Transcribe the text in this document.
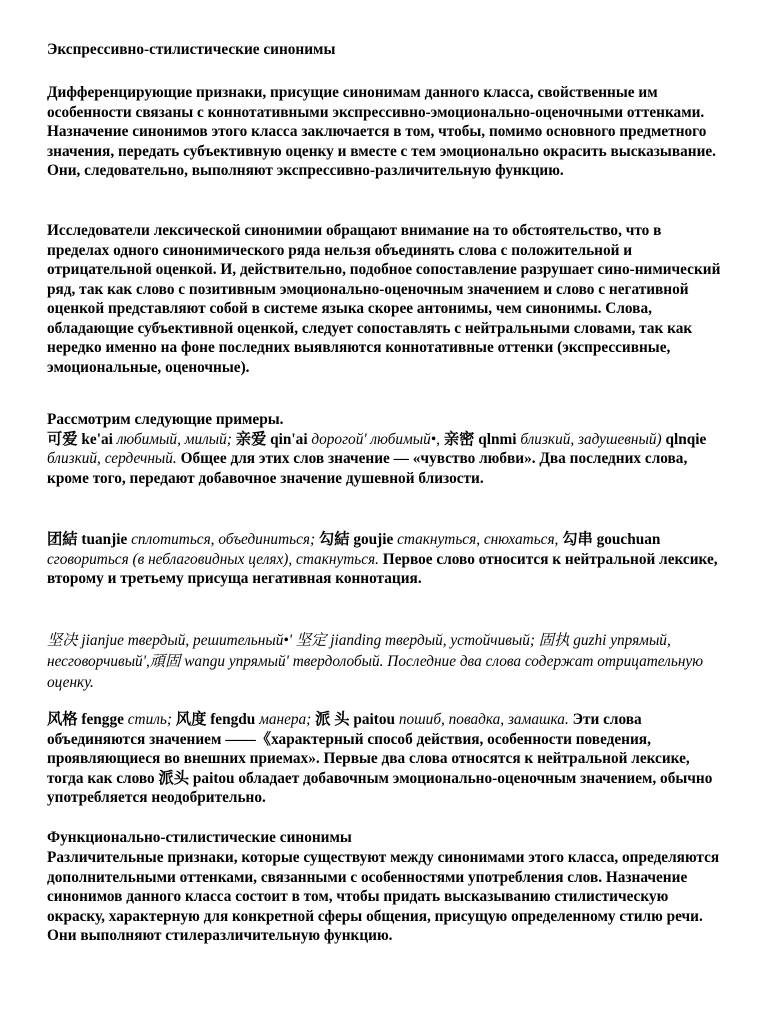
Экспрессивно-стилистические синонимы

Дифференцирующие признаки, присущие синонимам данного класса, свойственные им особенности связаны с коннотативными экспрессивно-эмоционально-оценочными оттенками. Назначение синонимов этого класса заключается в том, чтобы, помимо основного предметного значения, передать субъективную оценку и вместе с тем эмоционально окрасить высказывание. Они, следовательно, выполняют экспрессивно-различительную функцию.

Исследователи лексической синонимии обращают внимание на то обстоятельство, что в пределах одного синонимического ряда нельзя объединять слова с положительной и отрицательной оценкой. И, действительно, подобное сопоставление разрушает сино-нимический ряд, так как слово с позитивным эмоционально-оценочным значением и слово с негативной оценкой представляют собой в системе языка скорее антонимы, чем синонимы. Слова, обладающие субъективной оценкой, следует сопоставлять с нейтральными словами, так как нередко именно на фоне последних выявляются коннотативные оттенки (экспрессивные, эмоциональные, оценочные).

Рассмотрим следующие примеры.
可爱 ke'ai любимый, милый; 亲爱 qin'ai дорогой' любимый•, 亲密 qlnmi близкий, задушевный) qlnqie близкий, сердечный. Общее для этих слов значение — «чувство любви». Два последних слова, кроме того, передают добавочное значение душевной близости.

团結 tuanjie сплотиться, объединиться; 勾結 goujie стакнуться, снюхаться, 勾串 gouchuan сговориться (в неблаговидных целях), стакнуться. Первое слово относится к нейтральной лексике, второму и третьему присуща негативная коннотация.

坚决 jianjue твердый, решительный•' 坚定 jianding твердый, устойчивый; 固执 guzhi упрямый, несговорчивый',頑固 wangu упрямый' твердолобый. Последние два слова содержат отрицательную оценку.

风格 fengge стиль; 风度 fengdu манера; 派 头 paitou пошиб, повадка, замашка. Эти слова объединяются значением ——《характерный способ действия, особенности поведения, проявляющиеся во внешних приемах». Первые два слова относятся к нейтральной лексике, тогда как слово 派头 paitou обладает добавочным эмоционально-оценочным значением, обычно употребляется неодобрительно.

Функционально-стилистические синонимы

Различительные признаки, которые существуют между синонимами этого класса, определяются дополнительными оттенками, связанными с особенностями употребления слов. Назначение синонимов данного класса состоит в том, чтобы придать высказыванию стилистическую окраску, характерную для конкретной сферы общения, присущую определенному стилю речи. Они выполняют стилеразличительную функцию.
